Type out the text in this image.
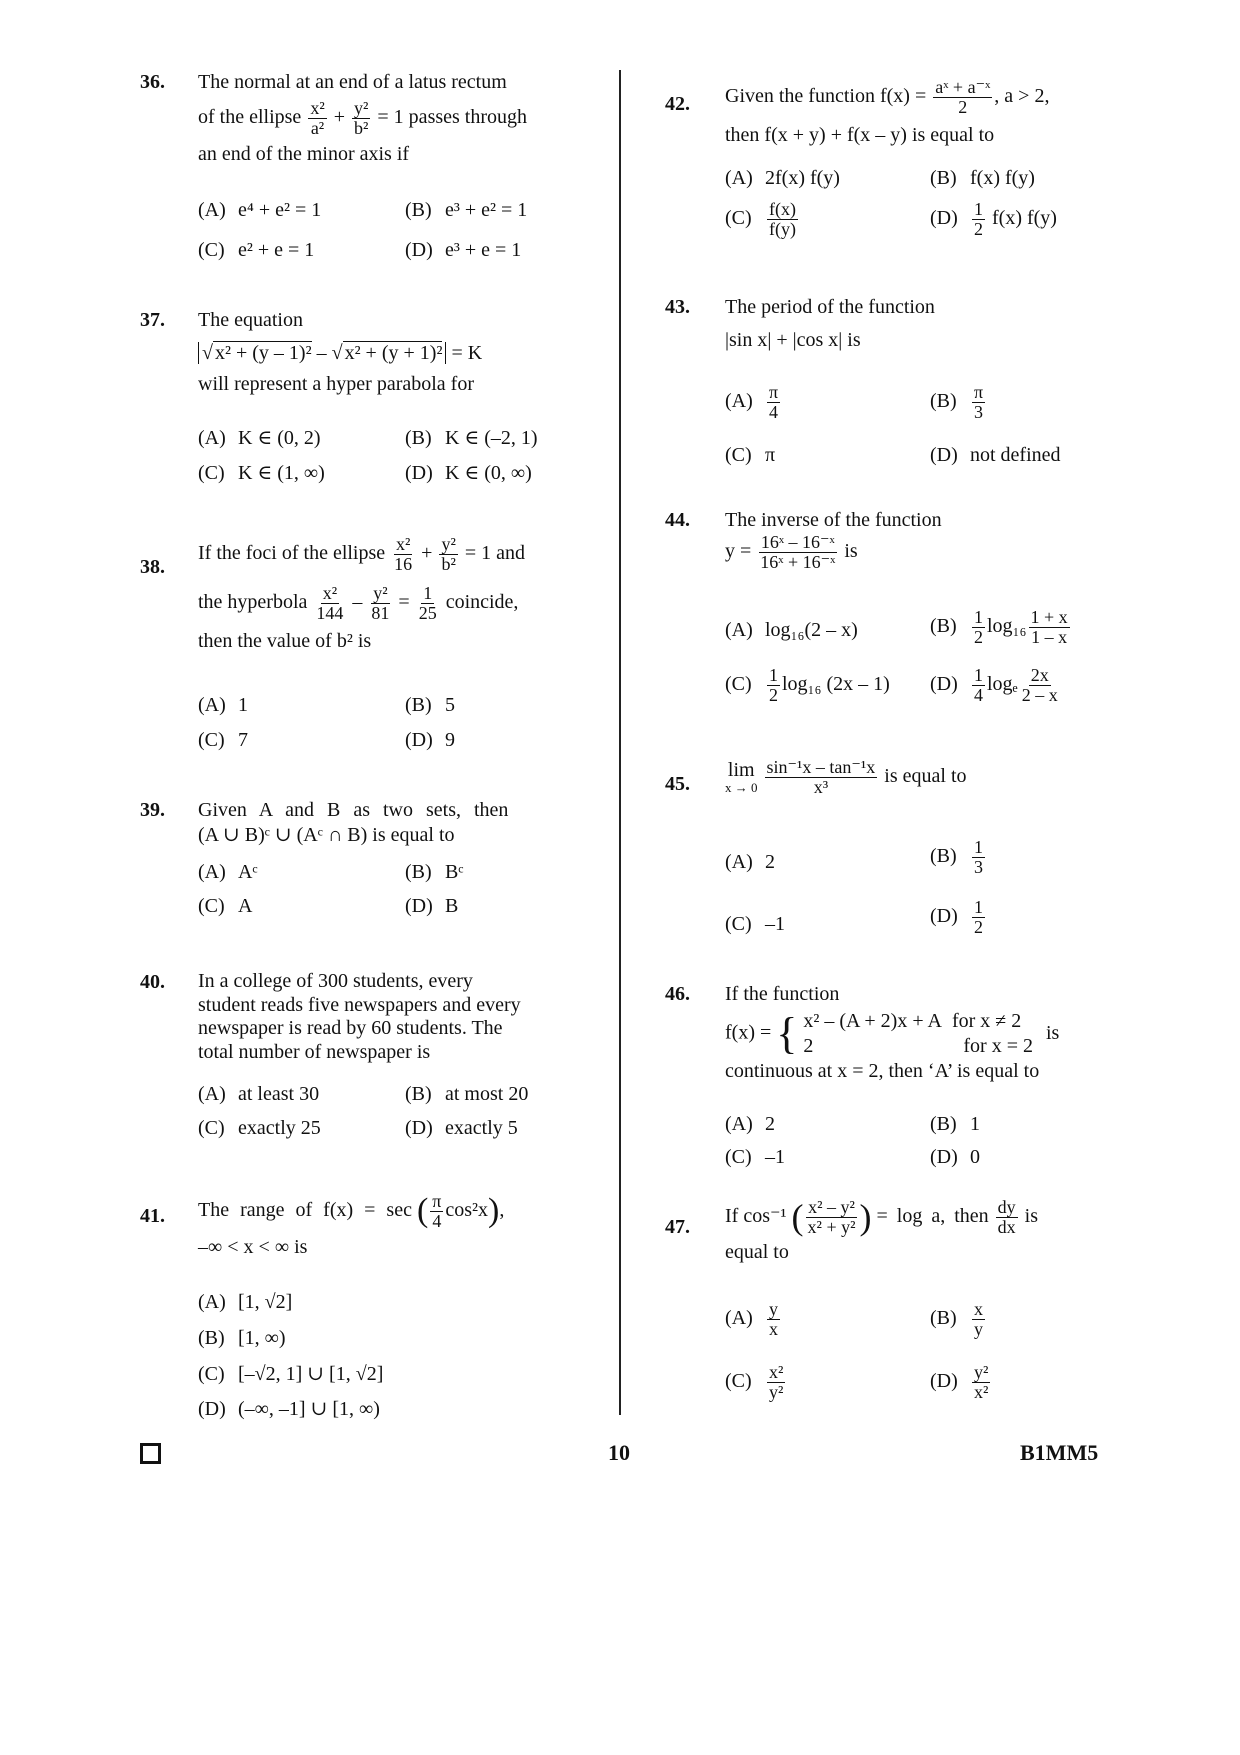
36. The normal at an end of a latus rectum
of the ellipse $\frac{\text{x²}}{\text{a²}} + \frac{\text{y²}}{\text{b²}} = 1$ passes through
an end of the minor axis if
(A) e⁴ + e² = 1	(B) e³ + e² = 1
(C) e² + e = 1	(D) e³ + e = 1
37. The equation
√ x² + (y – 1)² – √ x² + (y + 1)² = K
will represent a hyper parabola for
(A) K ∈ (0, 2)	(B) K ∈ (–2, 1)
(C) K ∈ (1, ∞)	(D) K ∈ (0, ∞)
38.
If the foci of the ellipse $\frac{\text{x²}}{16} + \frac{\text{y²}}{\text{b²}} = 1$ and
the hyperbola $\frac{\text{x²}}{144} - \frac{\text{y²}}{81} = \frac{1}{25}$ coincide,
then the value of b² is
(A) 1	(B) 5
(C) 7	(D) 9
39. Given A and B as two sets, then
(A ∪ B)ᶜ ∪ (Aᶜ ∩ B) is equal to
(A) Aᶜ	(B) Bᶜ
(C) A	(D) B
40. In a college of 300 students, every
student reads five newspapers and every
newspaper is read by 60 students. The
total number of newspaper is
(A) at least 30	(B) at most 20
(C) exactly 25	(D) exactly 5
41. The range of f(x) = sec ( $\frac{\pi}{4} \cos^2x$),
–∞ < x < ∞ is
(A) [1, √2]
(B) [1, ∞)
(C) [–√2, 1] ∪ [1, √2]
(D) (–∞, –1] ∪ [1, ∞)
42. Given the function $f(x) = \frac{\text{aˣ + a⁻ˣ}}{2}$ , a > 2,
then f(x + y) + f(x – y) is equal to
(A) 2f(x) f(y)	(B) f(x) f(y)
$(C) \frac{f(x)}{f(y)}$	$(D) \frac{1}{2} f(x)$ f(y)
43. The period of the function
|sin x| + |cos x| is
$(A) \frac{\pi}{4}$	$(B) \frac{\pi}{3}$
(C) π	(D) not defined
44. The inverse of the function
$y = \frac{\text{16ˣ – 16⁻ˣ}}{\text{16ˣ + 16⁻ˣ}}$ is
(A) log₁₆(2 – x)	$(B) \frac{1}{2} \log_{16} \frac{1 + x}{1 - x}$
$(C) \frac{1}{2} \log_{16}$ (2x – 1) $(D) \frac{1}{4}$ logₑ $\frac{2x}{2 - x}$
45.
lim
x → 0
$\frac{\text{sin⁻¹x – tan⁻¹x}}{\text{x³}}$ is equal to
(A) 2	$(B) \frac{1}{3}$
(C) –1	$(D) \frac{1}{2}$
46. If the function
f(x) = { x² – (A + 2)x + A for x ≠ 2
2	for x = 2
is
continuous at x = 2, then ‘A’ is equal to
(A) 2	(B) 1
(C) –1	(D) 0
47. If cos⁻¹ ( $\frac{\text{x² – y²}}{\text{x² + y²}}$ ) = log a, then $\frac{dy}{dx}$ is
equal to
$(A) \frac{y}{x}$	$(B) \frac{x}{y}$
$(C) \frac{\text{x²}}{\text{y²}}$	$(D) \frac{\text{y²}}{\text{x²}}$
10	B1MM5
